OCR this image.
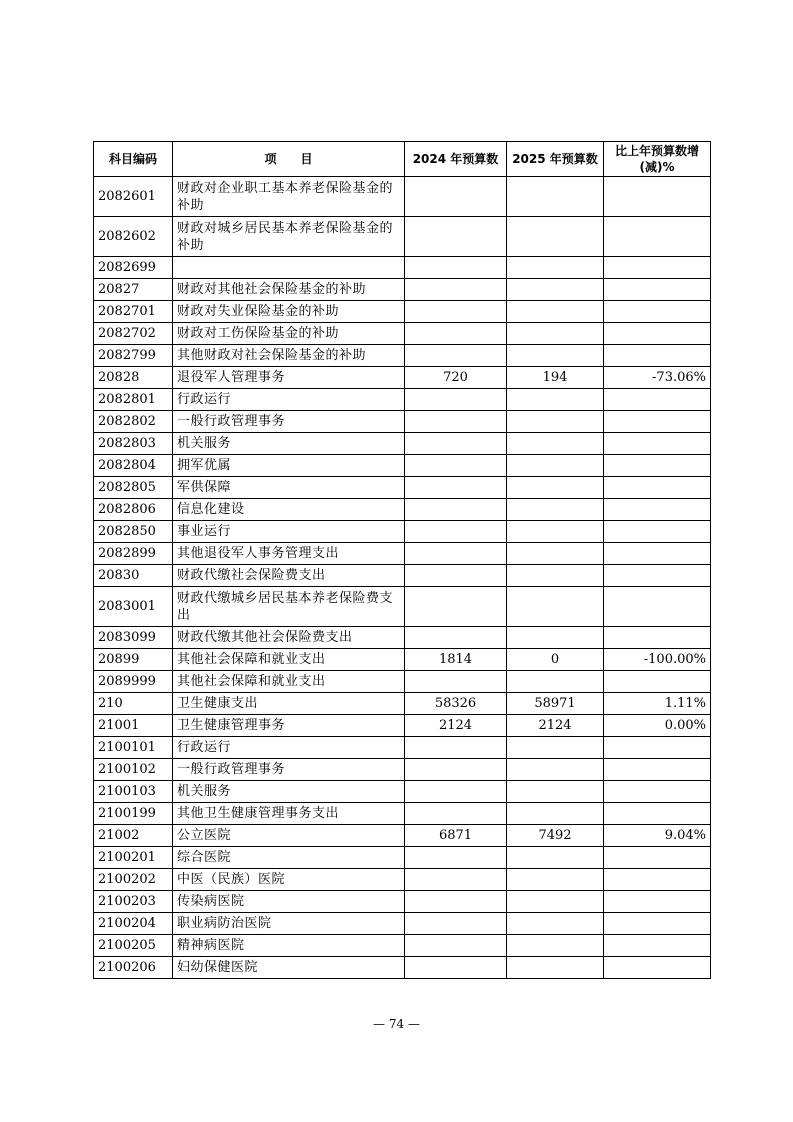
科目编码	项　　目	2024 年预算数	2025 年预算数	比上年预算数增 (减)%
2082601	财政对企业职工基本养老保险基金的补助			
2082602	财政对城乡居民基本养老保险基金的补助			
2082699				
20827	财政对其他社会保险基金的补助			
2082701	财政对失业保险基金的补助			
2082702	财政对工伤保险基金的补助			
2082799	其他财政对社会保险基金的补助			
20828	退役军人管理事务	720	194	-73.06%
2082801	行政运行			
2082802	一般行政管理事务			
2082803	机关服务			
2082804	拥军优属			
2082805	军供保障			
2082806	信息化建设			
2082850	事业运行			
2082899	其他退役军人事务管理支出			
20830	财政代缴社会保险费支出			
2083001	财政代缴城乡居民基本养老保险费支出			
2083099	财政代缴其他社会保险费支出			
20899	其他社会保障和就业支出	1814	0	-100.00%
2089999	其他社会保障和就业支出			
210	卫生健康支出	58326	58971	1.11%
21001	卫生健康管理事务	2124	2124	0.00%
2100101	行政运行			
2100102	一般行政管理事务			
2100103	机关服务			
2100199	其他卫生健康管理事务支出			
21002	公立医院	6871	7492	9.04%
2100201	综合医院			
2100202	中医（民族）医院			
2100203	传染病医院			
2100204	职业病防治医院			
2100205	精神病医院			
2100206	妇幼保健医院			
— 74 —
